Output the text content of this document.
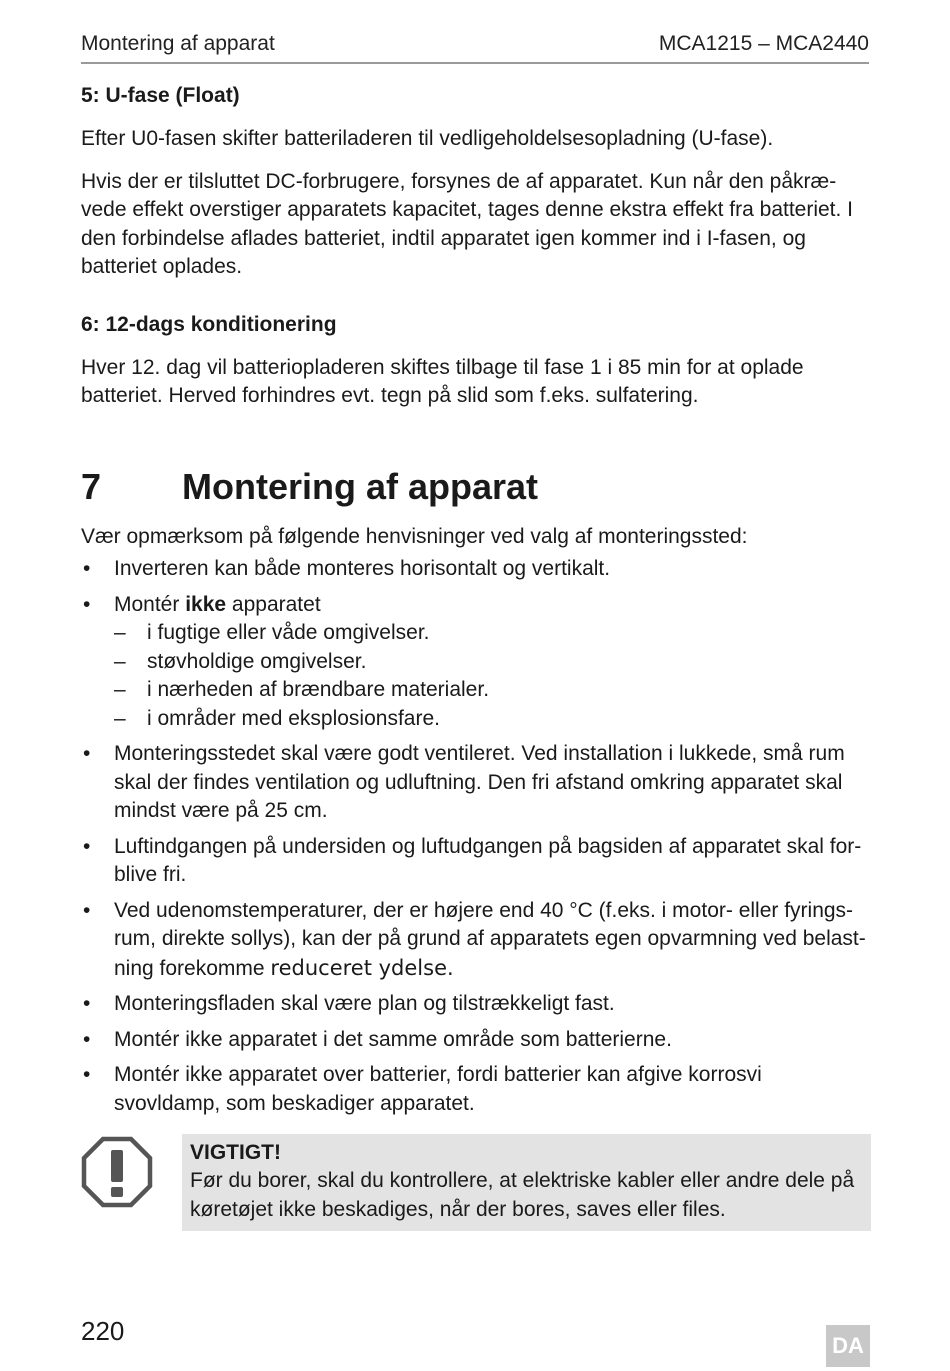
Montering af apparat	MCA1215 – MCA2440
5: U-fase (Float)

Efter U0-fasen skifter batteriladeren til vedligeholdelsesopladning (U-fase).

Hvis der er tilsluttet DC-forbrugere, forsynes de af apparatet. Kun når den påkræ-vede effekt overstiger apparatets kapacitet, tages denne ekstra effekt fra batteriet. I den forbindelse aflades batteriet, indtil apparatet igen kommer ind i I-fasen, og batteriet oplades.

6: 12-dags konditionering

Hver 12. dag vil batteriopladeren skiftes tilbage til fase 1 i 85 min for at oplade batteriet. Herved forhindres evt. tegn på slid som f.eks. sulfatering.

7 Montering af apparat

Vær opmærksom på følgende henvisninger ved valg af monteringssted:

• Inverteren kan både monteres horisontalt og vertikalt.
• Montér ikke apparatet
– i fugtige eller våde omgivelser.
– støvholdige omgivelser.
– i nærheden af brændbare materialer.
– i områder med eksplosionsfare.
• Monteringsstedet skal være godt ventileret. Ved installation i lukkede, små rum skal der findes ventilation og udluftning. Den fri afstand omkring apparatet skal mindst være på 25 cm.
• Luftindgangen på undersiden og luftudgangen på bagsiden af apparatet skal for-blive fri.
• Ved udenomstemperaturer, der er højere end 40 °C (f.eks. i motor- eller fyrings-rum, direkte sollys), kan der på grund af apparatets egen opvarmning ved belast-ning forekomme reduceret ydelse.
• Monteringsfladen skal være plan og tilstrækkeligt fast.
• Montér ikke apparatet i det samme område som batterierne.
• Montér ikke apparatet over batterier, fordi batterier kan afgive korrosvi svovldamp, som beskadiger apparatet.
VIGTIGT!
Før du borer, skal du kontrollere, at elektriske kabler eller andre dele på køretøjet ikke beskadiges, når der bores, saves eller files.
220	DA
